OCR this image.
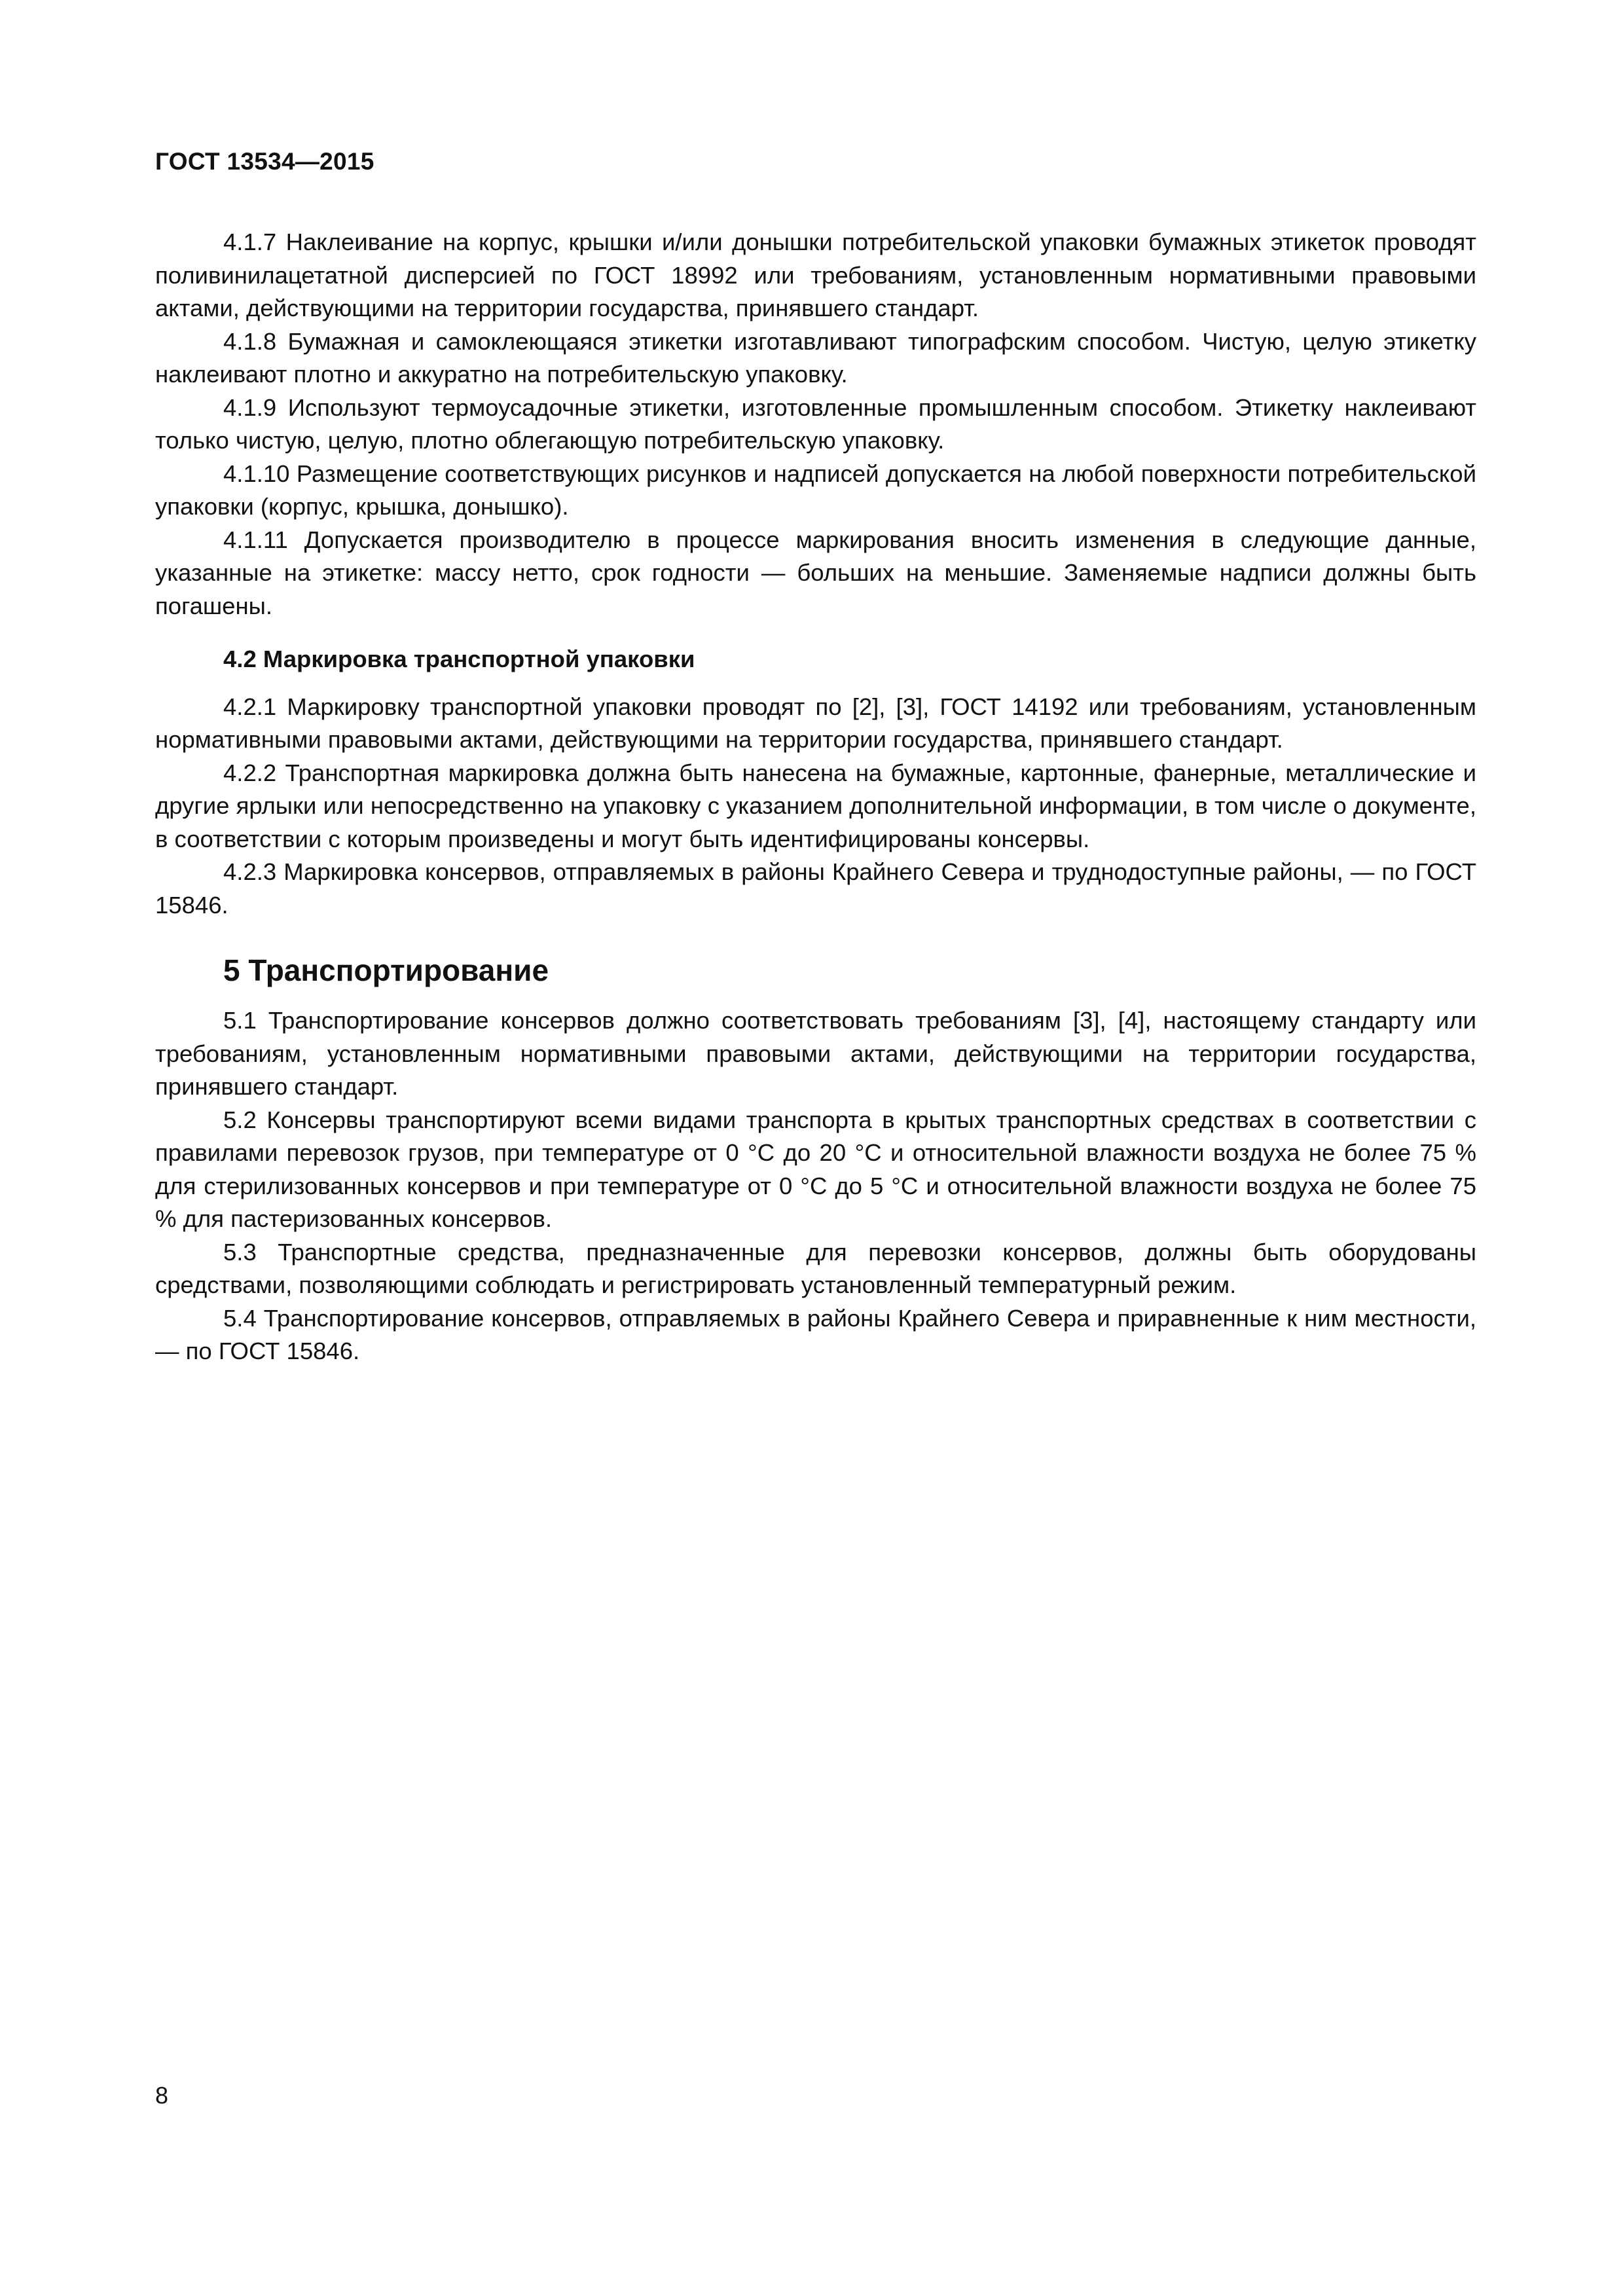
ГОСТ 13534—2015

4.1.7 Наклеивание на корпус, крышки и/или донышки потребительской упаковки бумажных этикеток проводят поливинилацетатной дисперсией по ГОСТ 18992 или требованиям, установленным нормативными правовыми актами, действующими на территории государства, принявшего стандарт.

4.1.8 Бумажная и самоклеющаяся этикетки изготавливают типографским способом. Чистую, целую этикетку наклеивают плотно и аккуратно на потребительскую упаковку.

4.1.9 Используют термоусадочные этикетки, изготовленные промышленным способом. Этикетку наклеивают только чистую, целую, плотно облегающую потребительскую упаковку.

4.1.10 Размещение соответствующих рисунков и надписей допускается на любой поверхности потребительской упаковки (корпус, крышка, донышко).

4.1.11 Допускается производителю в процессе маркирования вносить изменения в следующие данные, указанные на этикетке: массу нетто, срок годности — больших на меньшие. Заменяемые надписи должны быть погашены.

4.2 Маркировка транспортной упаковки

4.2.1 Маркировку транспортной упаковки проводят по [2], [3], ГОСТ 14192 или требованиям, установленным нормативными правовыми актами, действующими на территории государства, принявшего стандарт.

4.2.2 Транспортная маркировка должна быть нанесена на бумажные, картонные, фанерные, металлические и другие ярлыки или непосредственно на упаковку с указанием дополнительной информации, в том числе о документе, в соответствии с которым произведены и могут быть идентифицированы консервы.

4.2.3 Маркировка консервов, отправляемых в районы Крайнего Севера и труднодоступные районы, — по ГОСТ 15846.

5 Транспортирование

5.1 Транспортирование консервов должно соответствовать требованиям [3], [4], настоящему стандарту или требованиям, установленным нормативными правовыми актами, действующими на территории государства, принявшего стандарт.

5.2 Консервы транспортируют всеми видами транспорта в крытых транспортных средствах в соответствии с правилами перевозок грузов, при температуре от 0 °С до 20 °С и относительной влажности воздуха не более 75 % для стерилизованных консервов и при температуре от 0 °С до 5 °С и относительной влажности воздуха не более 75 % для пастеризованных консервов.

5.3 Транспортные средства, предназначенные для перевозки консервов, должны быть оборудованы средствами, позволяющими соблюдать и регистрировать установленный температурный режим.

5.4 Транспортирование консервов, отправляемых в районы Крайнего Севера и приравненные к ним местности, — по ГОСТ 15846.

8
